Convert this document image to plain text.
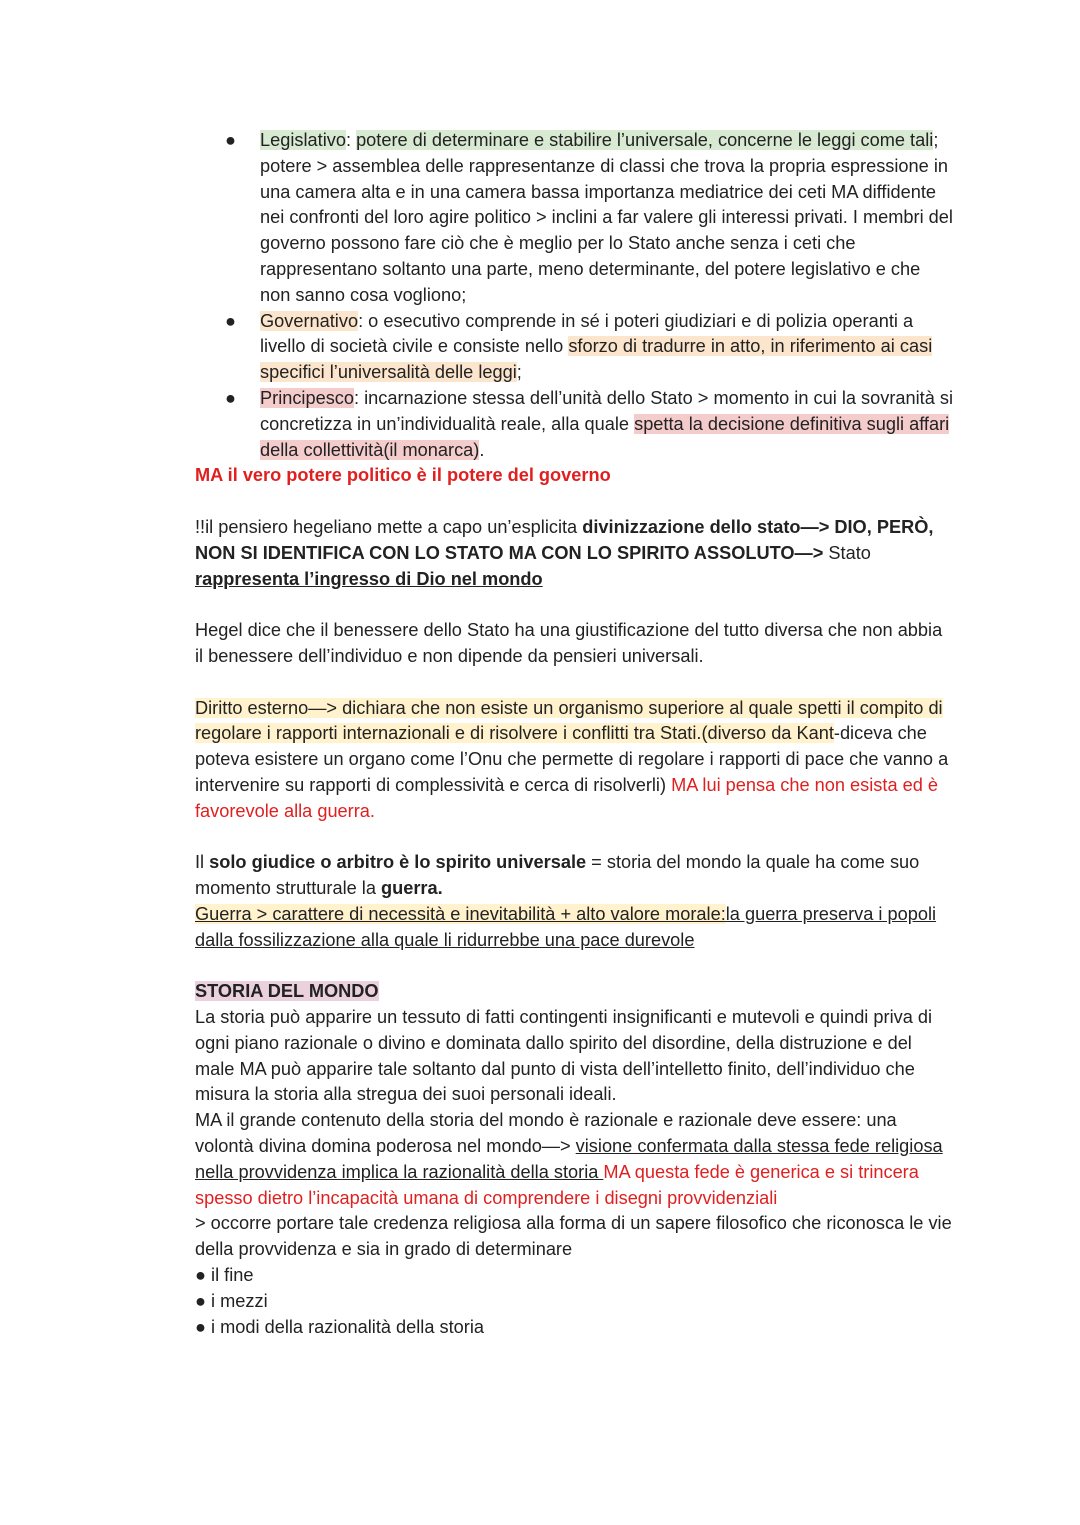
● Legislativo: potere di determinare e stabilire l’universale, concerne le leggi come tali; potere > assemblea delle rappresentanze di classi che trova la propria espressione in una camera alta e in una camera bassa importanza mediatrice dei ceti MA diffidente nei confronti del loro agire politico > inclini a far valere gli interessi privati. I membri del governo possono fare ciò che è meglio per lo Stato anche senza i ceti che rappresentano soltanto una parte, meno determinante, del potere legislativo e che non sanno cosa vogliono;
● Governativo: o esecutivo comprende in sé i poteri giudiziari e di polizia operanti a livello di società civile e consiste nello sforzo di tradurre in atto, in riferimento ai casi specifici l’universalità delle leggi;
● Principesco: incarnazione stessa dell’unità dello Stato > momento in cui la sovranità si concretizza in un’individualità reale, alla quale spetta la decisione definitiva sugli affari della collettività(il monarca).

MA il vero potere politico è il potere del governo

!!il pensiero hegeliano mette a capo un’esplicita divinizzazione dello stato—> DIO, PERÒ, NON SI IDENTIFICA CON LO STATO MA CON LO SPIRITO ASSOLUTO—> Stato rappresenta l’ingresso di Dio nel mondo

Hegel dice che il benessere dello Stato ha una giustificazione del tutto diversa che non abbia il benessere dell’individuo e non dipende da pensieri universali.

Diritto esterno—> dichiara che non esiste un organismo superiore al quale spetti il compito di regolare i rapporti internazionali e di risolvere i conflitti tra Stati.(diverso da Kant-diceva che poteva esistere un organo come l’Onu che permette di regolare i rapporti di pace che vanno a intervenire su rapporti di complessività e cerca di risolverli) MA lui pensa che non esista ed è favorevole alla guerra.

Il solo giudice o arbitro è lo spirito universale = storia del mondo la quale ha come suo momento strutturale la guerra.
Guerra > carattere di necessità e inevitabilità + alto valore morale:la guerra preserva i popoli dalla fossilizzazione alla quale li ridurrebbe una pace durevole

STORIA DEL MONDO

La storia può apparire un tessuto di fatti contingenti insignificanti e mutevoli e quindi priva di ogni piano razionale o divino e dominata dallo spirito del disordine, della distruzione e del male MA può apparire tale soltanto dal punto di vista dell’intelletto finito, dell’individuo che misura la storia alla stregua dei suoi personali ideali.

MA il grande contenuto della storia del mondo è razionale e razionale deve essere: una volontà divina domina poderosa nel mondo—> visione confermata dalla stessa fede religiosa nella provvidenza implica la razionalità della storia MA questa fede è generica e si trincera spesso dietro l’incapacità umana di comprendere i disegni provvidenziali

> occorre portare tale credenza religiosa alla forma di un sapere filosofico che riconosca le vie della provvidenza e sia in grado di determinare

● il fine

● i mezzi

● i modi della razionalità della storia
